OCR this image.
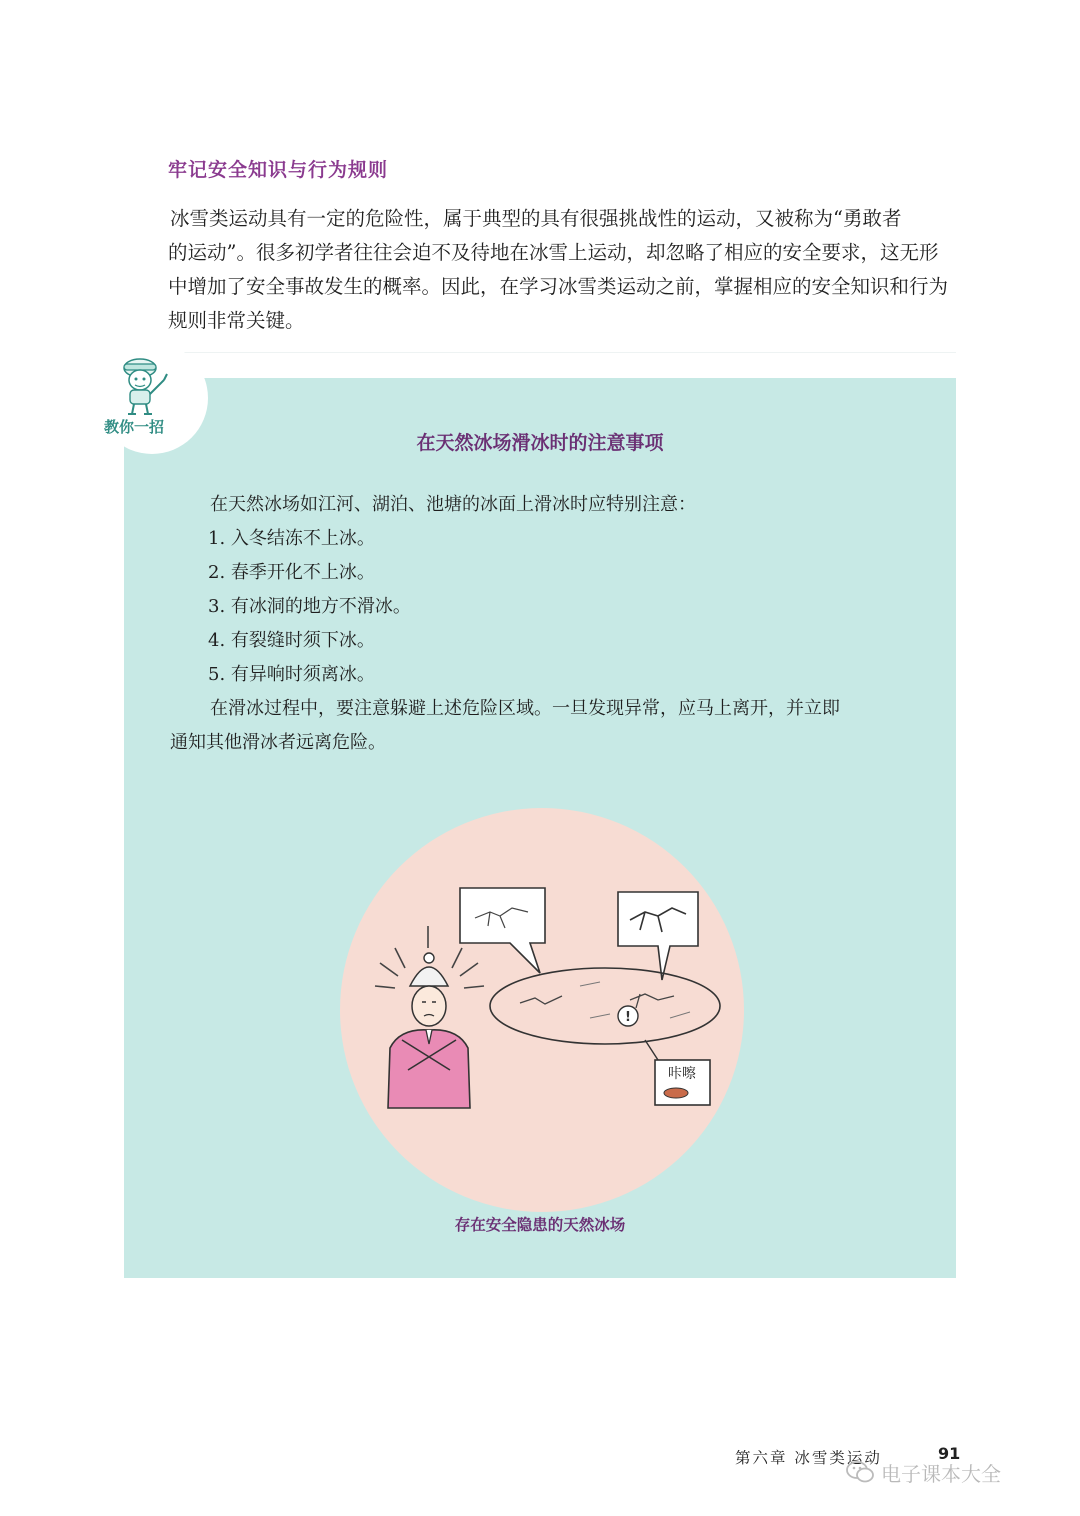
牢记安全知识与行为规则
冰雪类运动具有一定的危险性，属于典型的具有很强挑战性的运动，又被称为“勇敢者
的运动”。很多初学者往往会迫不及待地在冰雪上运动，却忽略了相应的安全要求，这无形
中增加了安全事故发生的概率。因此，在学习冰雪类运动之前，掌握相应的安全知识和行为
规则非常关键。
教你一招
在天然冰场滑冰时的注意事项
在天然冰场如江河、湖泊、池塘的冰面上滑冰时应特别注意：
1. 入冬结冻不上冰。
2. 春季开化不上冰。
3. 有冰洞的地方不滑冰。
4. 有裂缝时须下冰。
5. 有异响时须离冰。
在滑冰过程中，要注意躲避上述危险区域。一旦发现异常，应马上离开，并立即
通知其他滑冰者远离危险。
!
咔嚓
存在安全隐患的天然冰场
第六章 冰雪类运动	91
电子课本大全
